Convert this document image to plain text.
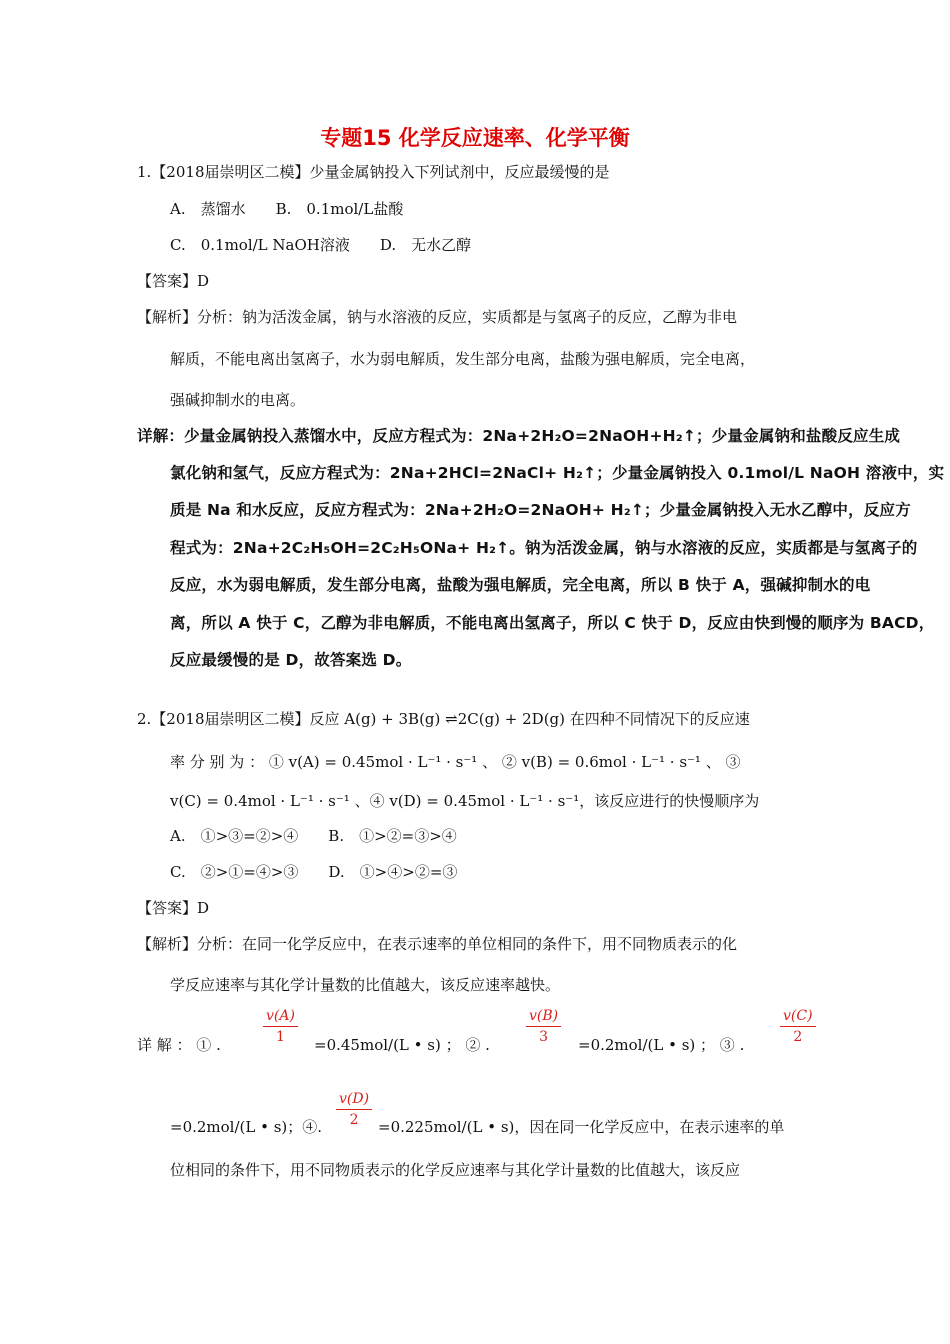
专题15 化学反应速率、化学平衡
1.【2018届崇明区二模】少量金属钠投入下列试剂中，反应最缓慢的是
A.　蒸馏水　　B.　0.1mol/L盐酸
C.　0.1mol/L NaOH溶液　　D.　无水乙醇
【答案】D
【解析】分析：钠为活泼金属，钠与水溶液的反应，实质都是与氢离子的反应，乙醇为非电
解质，不能电离出氢离子，水为弱电解质，发生部分电离，盐酸为强电解质，完全电离，
强碱抑制水的电离。
详解：少量金属钠投入蒸馏水中，反应方程式为：2Na+2H₂O=2NaOH+H₂↑；少量金属钠和盐酸反应生成
氯化钠和氢气，反应方程式为：2Na+2HCl=2NaCl+ H₂↑；少量金属钠投入 0.1mol/L NaOH 溶液中，实
质是 Na 和水反应，反应方程式为：2Na+2H₂O=2NaOH+ H₂↑；少量金属钠投入无水乙醇中，反应方
程式为：2Na+2C₂H₅OH=2C₂H₅ONa+ H₂↑。钠为活泼金属，钠与水溶液的反应，实质都是与氢离子的
反应，水为弱电解质，发生部分电离，盐酸为强电解质，完全电离，所以 B 快于 A，强碱抑制水的电
离，所以 A 快于 C，乙醇为非电解质，不能电离出氢离子，所以 C 快于 D，反应由快到慢的顺序为 BACD，
反应最缓慢的是 D，故答案选 D。
2.【2018届崇明区二模】反应 A(g) + 3B(g) ⇌2C(g) + 2D(g) 在四种不同情况下的反应速
率 分 别 为 ： ① v(A) = 0.45mol · L⁻¹ · s⁻¹ 、 ② v(B) = 0.6mol · L⁻¹ · s⁻¹ 、 ③
v(C) = 0.4mol · L⁻¹ · s⁻¹ 、④ v(D) = 0.45mol · L⁻¹ · s⁻¹，该反应进行的快慢顺序为
A.　①>③=②>④　　B.　①>②=③>④
C.　②>①=④>③　　D.　①>④>②=③
【答案】D
【解析】分析：在同一化学反应中，在表示速率的单位相同的条件下，用不同物质表示的化
学反应速率与其化学计量数的比值越大，该反应速率越快。
详 解 ： ① .	$\frac{v(A)}{1} =0.45mol/(L$ • s) ； ② .	$\frac{v(B)}{3} =0.2mol/(L$ • s) ； ③ .	$\frac{v(C)}{2}$
$\frac{v(D)}{2}$
=0.2mol/(L • s)；④.	=0.225mol/(L • s)，因在同一化学反应中，在表示速率的单
位相同的条件下，用不同物质表示的化学反应速率与其化学计量数的比值越大，该反应
